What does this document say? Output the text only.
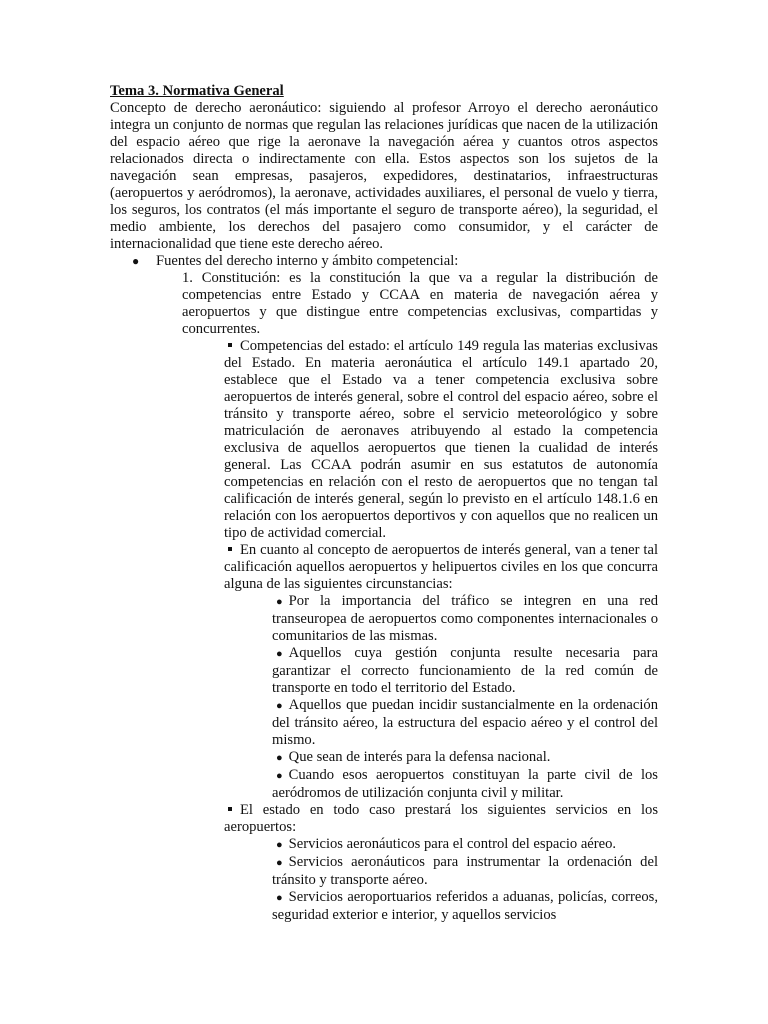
Tema 3. Normativa General

Concepto de derecho aeronáutico: siguiendo al profesor Arroyo el derecho aeronáutico integra un conjunto de normas que regulan las relaciones jurídicas que nacen de la utilización del espacio aéreo que rige la aeronave la navegación aérea y cuantos otros aspectos relacionados directa o indirectamente con ella. Estos aspectos son los sujetos de la navegación sean empresas, pasajeros, expedidores, destinatarios, infraestructuras (aeropuertos y aeródromos), la aeronave, actividades auxiliares, el personal de vuelo y tierra, los seguros, los contratos (el más importante el seguro de transporte aéreo), la seguridad, el medio ambiente, los derechos del pasajero como consumidor, y el carácter de internacionalidad que tiene este derecho aéreo.

● Fuentes del derecho interno y ámbito competencial:

1. Constitución: es la constitución la que va a regular la distribución de competencias entre Estado y CCAA en materia de navegación aérea y aeropuertos y que distingue entre competencias exclusivas, compartidas y concurrentes.

Competencias del estado: el artículo 149 regula las materias exclusivas del Estado. En materia aeronáutica el artículo 149.1 apartado 20, establece que el Estado va a tener competencia exclusiva sobre aeropuertos de interés general, sobre el control del espacio aéreo, sobre el tránsito y transporte aéreo, sobre el servicio meteorológico y sobre matriculación de aeronaves atribuyendo al estado la competencia exclusiva de aquellos aeropuertos que tienen la cualidad de interés general. Las CCAA podrán asumir en sus estatutos de autonomía competencias en relación con el resto de aeropuertos que no tengan tal calificación de interés general, según lo previsto en el artículo 148.1.6 en relación con los aeropuertos deportivos y con aquellos que no realicen un tipo de actividad comercial.

En cuanto al concepto de aeropuertos de interés general, van a tener tal calificación aquellos aeropuertos y helipuertos civiles en los que concurra alguna de las siguientes circunstancias:

● Por la importancia del tráfico se integren en una red transeuropea de aeropuertos como componentes internacionales o comunitarios de las mismas.

● Aquellos cuya gestión conjunta resulte necesaria para garantizar el correcto funcionamiento de la red común de transporte en todo el territorio del Estado.

● Aquellos que puedan incidir sustancialmente en la ordenación del tránsito aéreo, la estructura del espacio aéreo y el control del mismo.

● Que sean de interés para la defensa nacional.

● Cuando esos aeropuertos constituyan la parte civil de los aeródromos de utilización conjunta civil y militar.

El estado en todo caso prestará los siguientes servicios en los aeropuertos:

● Servicios aeronáuticos para el control del espacio aéreo.

● Servicios aeronáuticos para instrumentar la ordenación del tránsito y transporte aéreo.

● Servicios aeroportuarios referidos a aduanas, policías, correos, seguridad exterior e interior, y aquellos servicios
